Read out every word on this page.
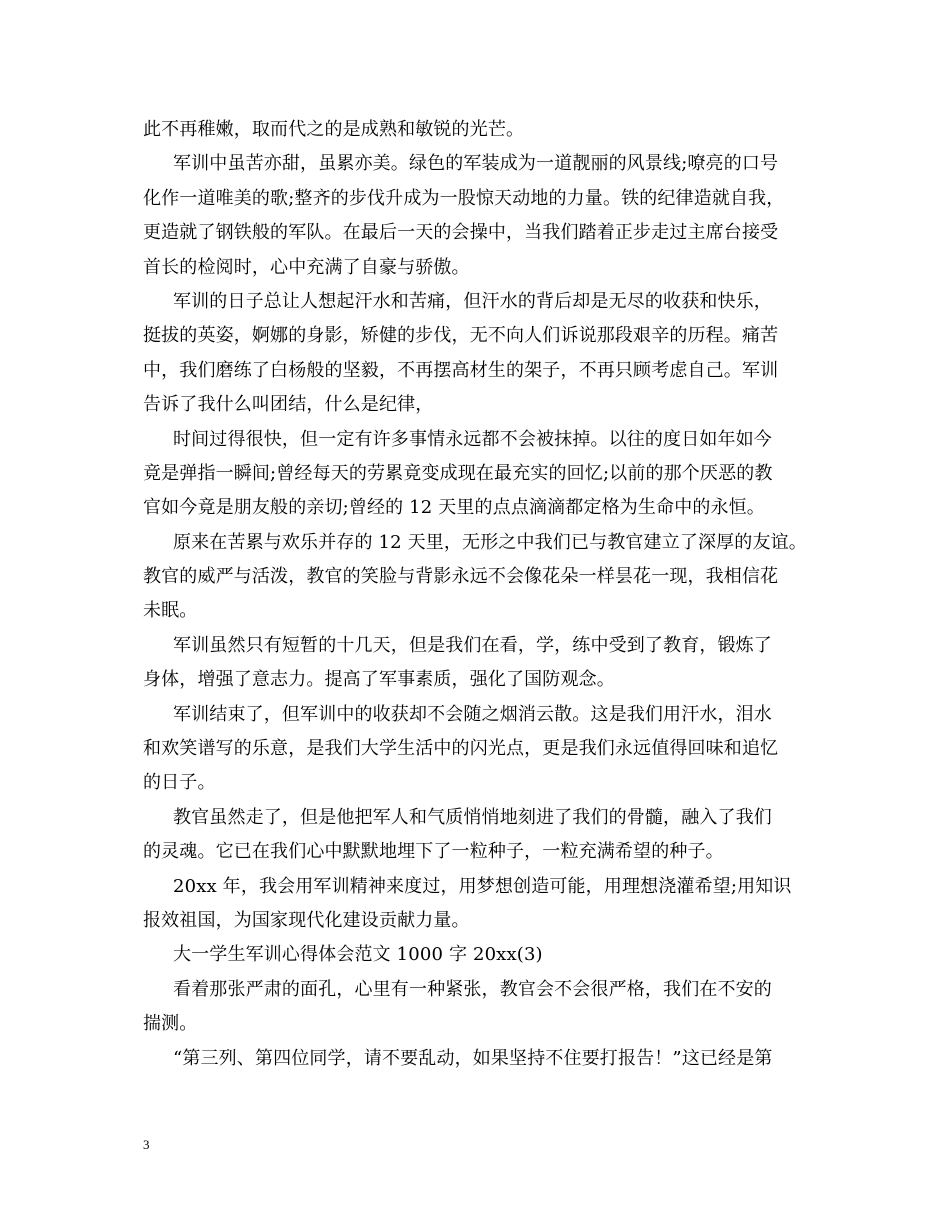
此不再稚嫩，取而代之的是成熟和敏锐的光芒。
军训中虽苦亦甜，虽累亦美。绿色的军装成为一道靓丽的风景线;嘹亮的口号
化作一道唯美的歌;整齐的步伐升成为一股惊天动地的力量。铁的纪律造就自我，
更造就了钢铁般的军队。在最后一天的会操中，当我们踏着正步走过主席台接受
首长的检阅时，心中充满了自豪与骄傲。
军训的日子总让人想起汗水和苦痛，但汗水的背后却是无尽的收获和快乐，
挺拔的英姿，婀娜的身影，矫健的步伐，无不向人们诉说那段艰辛的历程。痛苦
中，我们磨练了白杨般的坚毅，不再摆高材生的架子，不再只顾考虑自己。军训
告诉了我什么叫团结，什么是纪律，
时间过得很快，但一定有许多事情永远都不会被抹掉。以往的度日如年如今
竟是弹指一瞬间;曾经每天的劳累竟变成现在最充实的回忆;以前的那个厌恶的教
官如今竟是朋友般的亲切;曾经的 12 天里的点点滴滴都定格为生命中的永恒。
原来在苦累与欢乐并存的 12 天里，无形之中我们已与教官建立了深厚的友谊。
教官的威严与活泼，教官的笑脸与背影永远不会像花朵一样昙花一现，我相信花
未眠。
军训虽然只有短暂的十几天，但是我们在看，学，练中受到了教育，锻炼了
身体，增强了意志力。提高了军事素质，强化了国防观念。
军训结束了，但军训中的收获却不会随之烟消云散。这是我们用汗水，泪水
和欢笑谱写的乐意，是我们大学生活中的闪光点，更是我们永远值得回味和追忆
的日子。
教官虽然走了，但是他把军人和气质悄悄地刻进了我们的骨髓，融入了我们
的灵魂。它已在我们心中默默地埋下了一粒种子，一粒充满希望的种子。
20xx 年，我会用军训精神来度过，用梦想创造可能，用理想浇灌希望;用知识
报效祖国，为国家现代化建设贡献力量。
大一学生军训心得体会范文 1000 字 20xx(3)
看着那张严肃的面孔，心里有一种紧张，教官会不会很严格，我们在不安的
揣测。
“第三列、第四位同学，请不要乱动，如果坚持不住要打报告！”这已经是第
3
